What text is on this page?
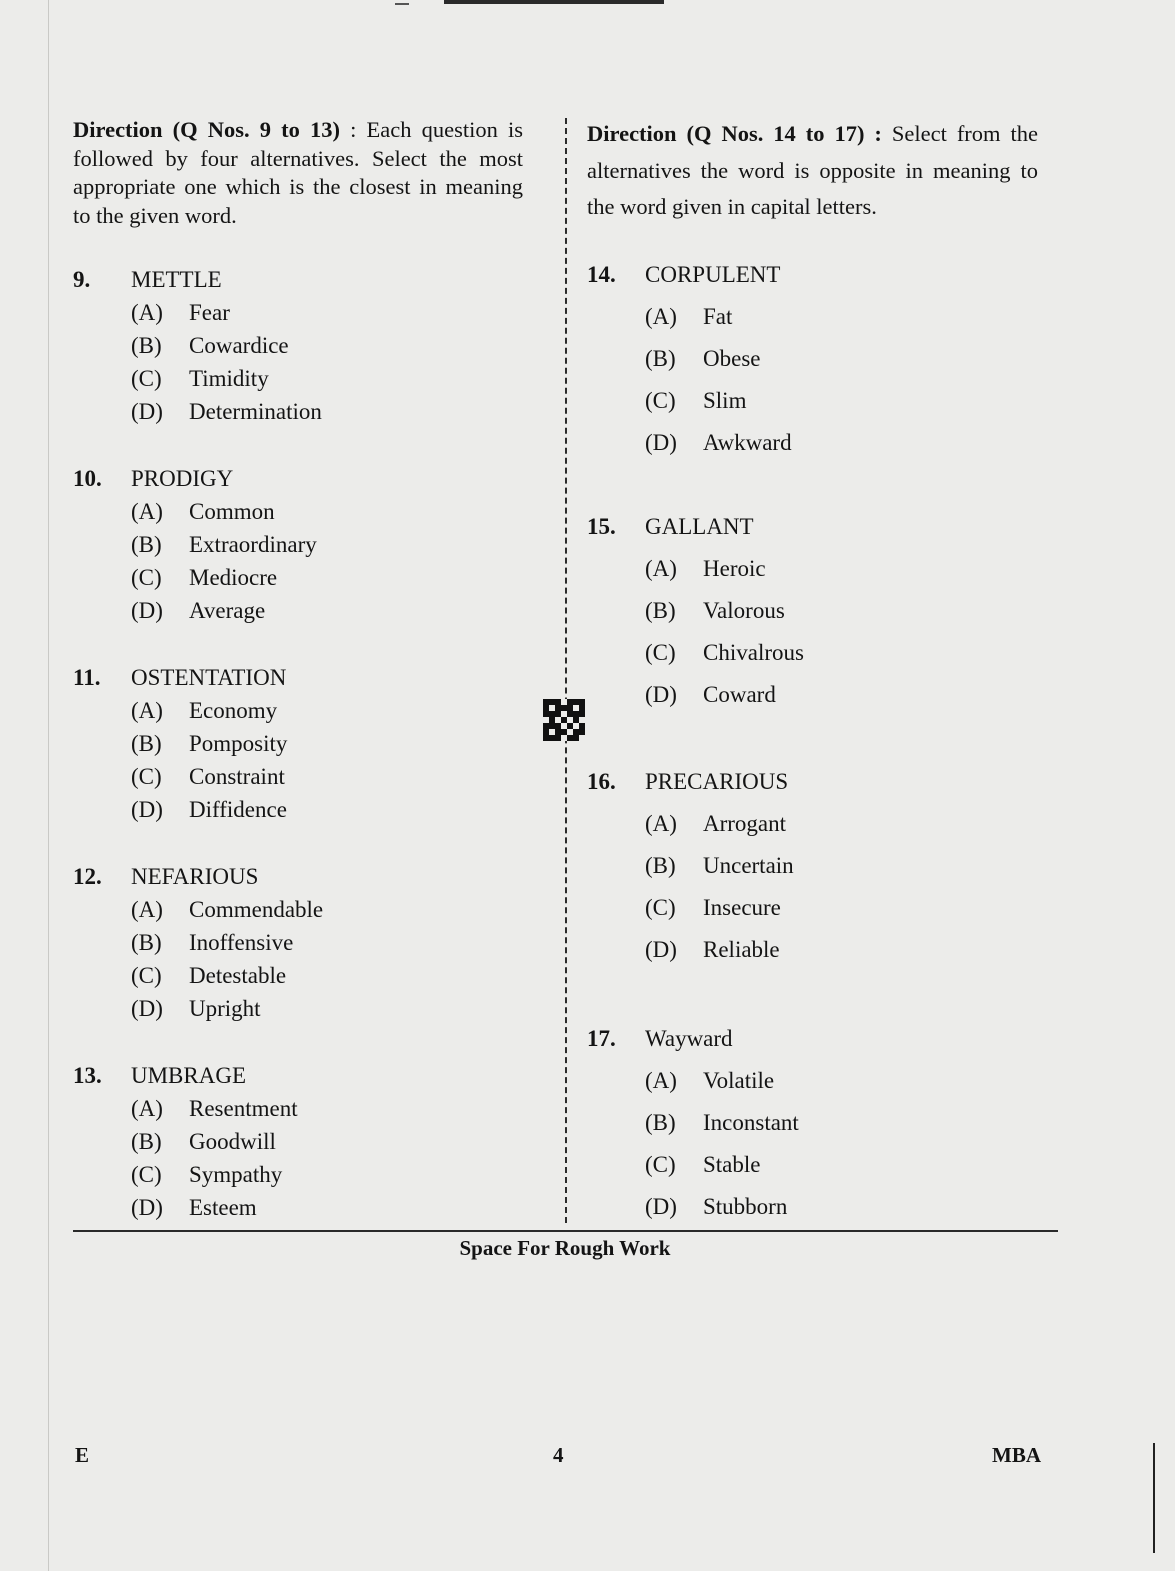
Direction (Q Nos. 9 to 13) : Each question is followed by four alternatives. Select the most appropriate one which is the closest in meaning to the given word.
Direction (Q Nos. 14 to 17) : Select from the alternatives the word is opposite in meaning to the word given in capital letters.
9.	METTLE
(A)	Fear
(B)	Cowardice
(C)	Timidity
(D)	Determination
10.	PRODIGY
(A)	Common
(B)	Extraordinary
(C)	Mediocre
(D)	Average
11.	OSTENTATION
(A)	Economy
(B)	Pomposity
(C)	Constraint
(D)	Diffidence
12.	NEFARIOUS
(A)	Commendable
(B)	Inoffensive
(C)	Detestable
(D)	Upright
13.	UMBRAGE
(A)	Resentment
(B)	Goodwill
(C)	Sympathy
(D)	Esteem
14.	CORPULENT
(A)	Fat
(B)	Obese
(C)	Slim
(D)	Awkward
15.	GALLANT
(A)	Heroic
(B)	Valorous
(C)	Chivalrous
(D)	Coward
16.	PRECARIOUS
(A)	Arrogant
(B)	Uncertain
(C)	Insecure
(D)	Reliable
17.	Wayward
(A)	Volatile
(B)	Inconstant
(C)	Stable
(D)	Stubborn
Space For Rough Work
E	4	MBA
